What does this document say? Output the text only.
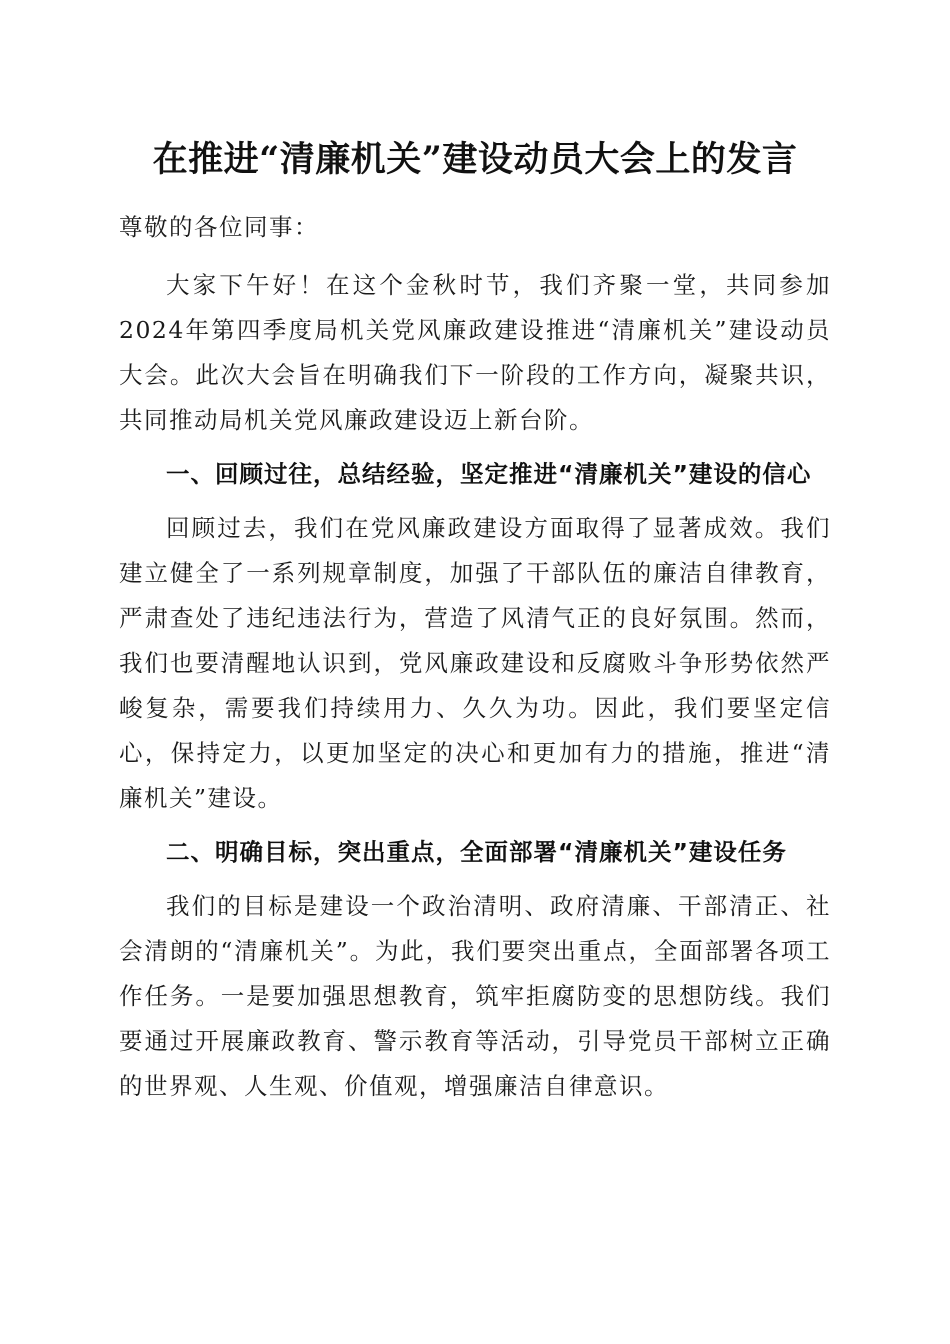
在推进“清廉机关”建设动员大会上的发言

尊敬的各位同事：

大家下午好！在这个金秋时节，我们齐聚一堂，共同参加2024年第四季度局机关党风廉政建设推进“清廉机关”建设动员大会。此次大会旨在明确我们下一阶段的工作方向，凝聚共识，共同推动局机关党风廉政建设迈上新台阶。

一、回顾过往，总结经验，坚定推进“清廉机关”建设的信心

回顾过去，我们在党风廉政建设方面取得了显著成效。我们建立健全了一系列规章制度，加强了干部队伍的廉洁自律教育，严肃查处了违纪违法行为，营造了风清气正的良好氛围。然而，我们也要清醒地认识到，党风廉政建设和反腐败斗争形势依然严峻复杂，需要我们持续用力、久久为功。因此，我们要坚定信心，保持定力，以更加坚定的决心和更加有力的措施，推进“清廉机关”建设。

二、明确目标，突出重点，全面部署“清廉机关”建设任务

我们的目标是建设一个政治清明、政府清廉、干部清正、社会清朗的“清廉机关”。为此，我们要突出重点，全面部署各项工作任务。一是要加强思想教育，筑牢拒腐防变的思想防线。我们要通过开展廉政教育、警示教育等活动，引导党员干部树立正确的世界观、人生观、价值观，增强廉洁自律意识。
